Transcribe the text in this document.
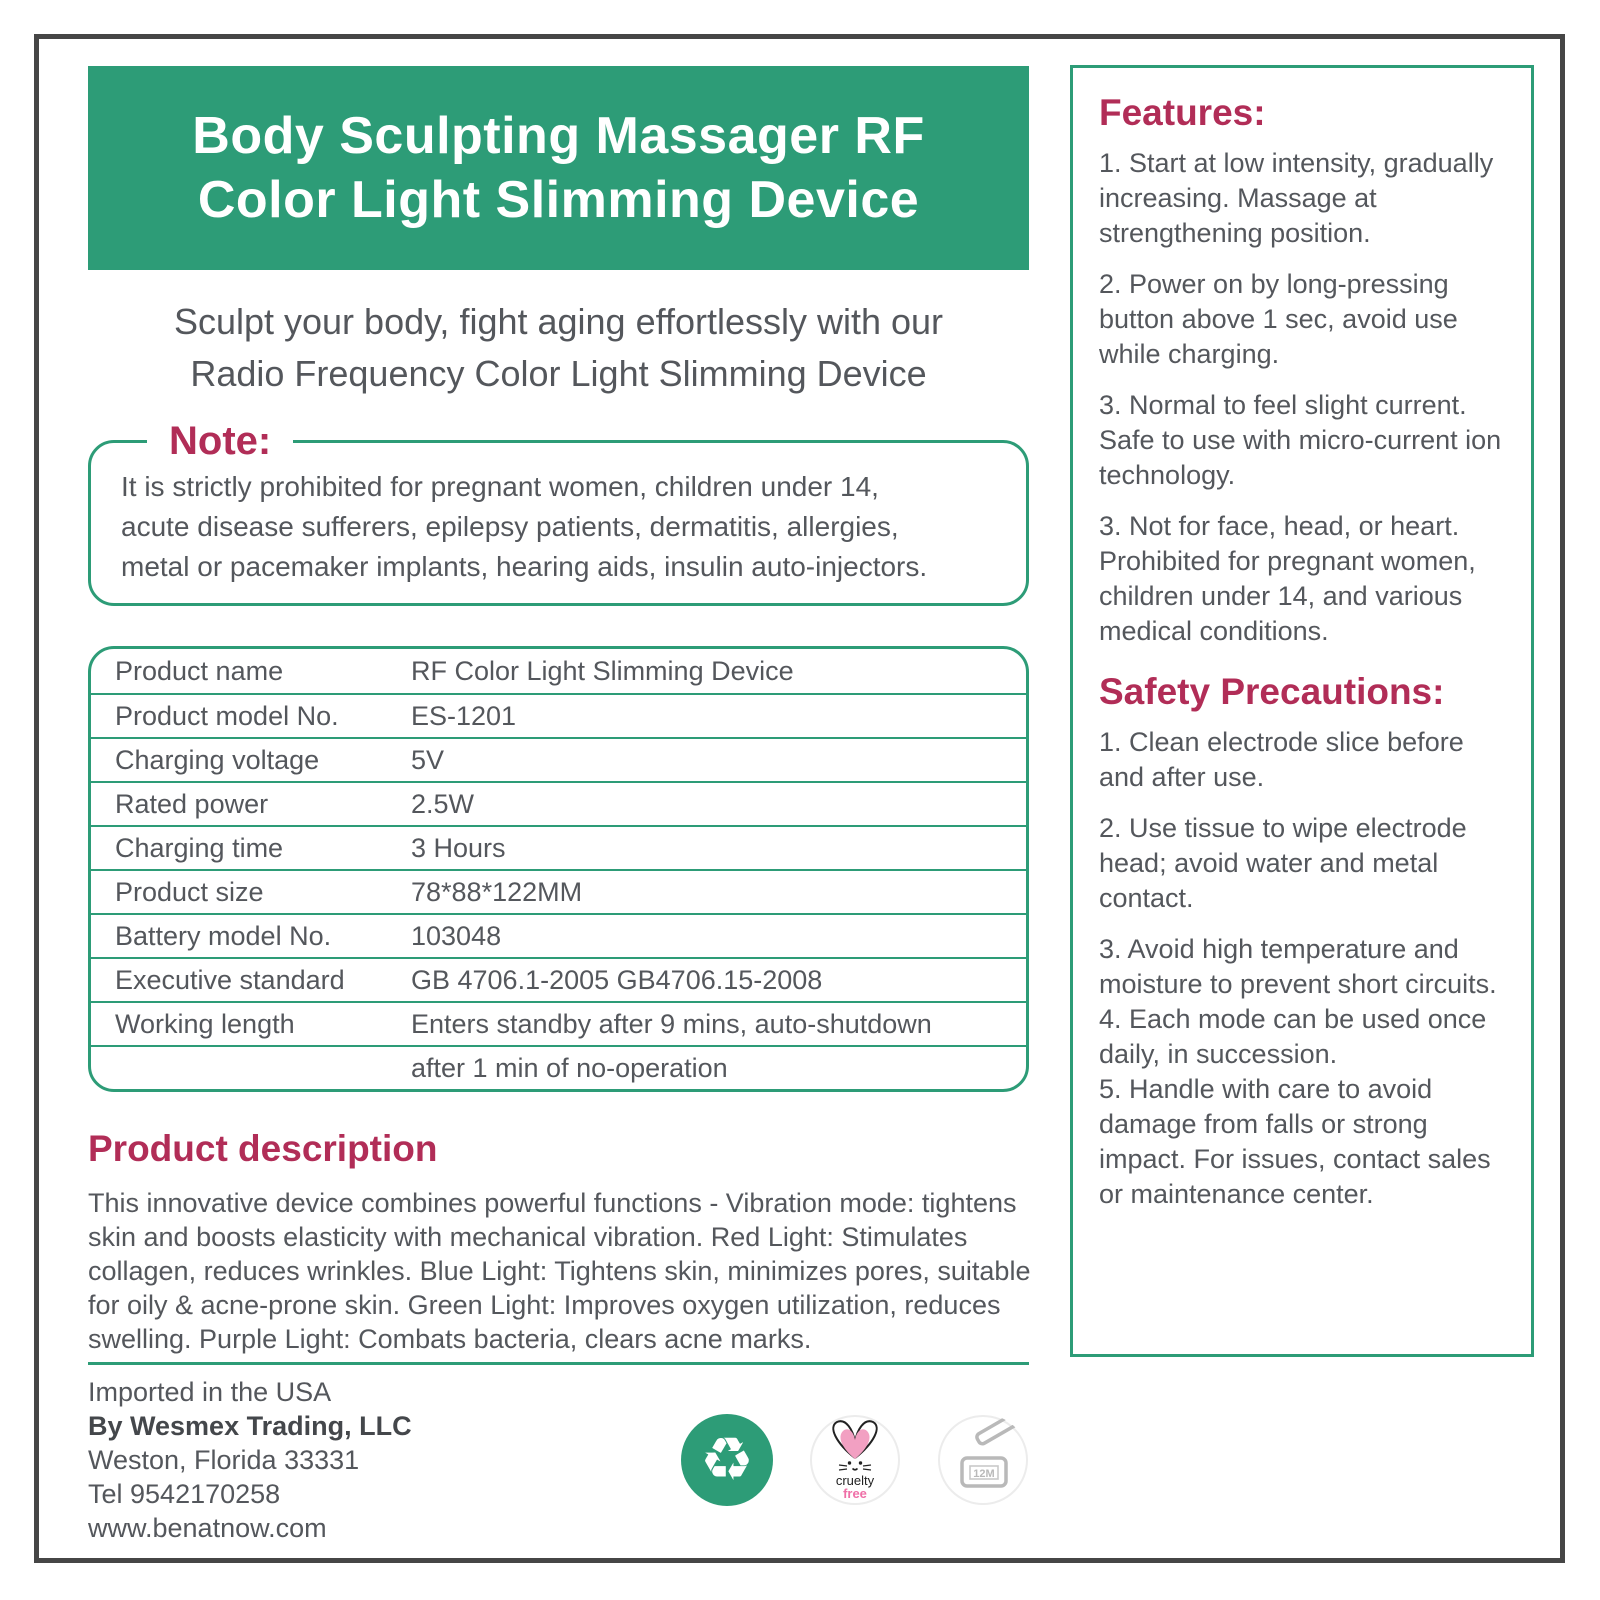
Body Sculpting Massager RF
Color Light Slimming Device
Sculpt your body, fight aging effortlessly with our
Radio Frequency Color Light Slimming Device
Note:
It is strictly prohibited for pregnant women, children under 14,
acute disease sufferers, epilepsy patients, dermatitis, allergies,
metal or pacemaker implants, hearing aids, insulin auto-injectors.
Product name	RF Color Light Slimming Device
Product model No.	ES-1201
Charging voltage	5V
Rated power	2.5W
Charging time	3 Hours
Product size	78*88*122MM
Battery model No.	103048
Executive standard	GB 4706.1-2005 GB4706.15-2008
Working length	Enters standby after 9 mins, auto-shutdown
after 1 min of no-operation
Product description
This innovative device combines powerful functions - Vibration mode: tightens
skin and boosts elasticity with mechanical vibration. Red Light: Stimulates
collagen, reduces wrinkles. Blue Light: Tightens skin, minimizes pores, suitable
for oily & acne-prone skin. Green Light: Improves oxygen utilization, reduces
swelling. Purple Light: Combats bacteria, clears acne marks.
Imported in the USA
By Wesmex Trading, LLC
Weston, Florida 33331
Tel 9542170258
www.benatnow.com
♻	cruelty
free
12M
Features:

1. Start at low intensity, gradually increasing. Massage at strengthening position.

2. Power on by long-pressing button above 1 sec, avoid use while charging.

3. Normal to feel slight current. Safe to use with micro-current ion technology.

3. Not for face, head, or heart. Prohibited for pregnant women, children under 14, and various medical conditions.

Safety Precautions:

1. Clean electrode slice before and after use.

2. Use tissue to wipe electrode head; avoid water and metal contact.

3. Avoid high temperature and moisture to prevent short circuits.

4. Each mode can be used once daily, in succession.

5. Handle with care to avoid damage from falls or strong impact. For issues, contact sales or maintenance center.
